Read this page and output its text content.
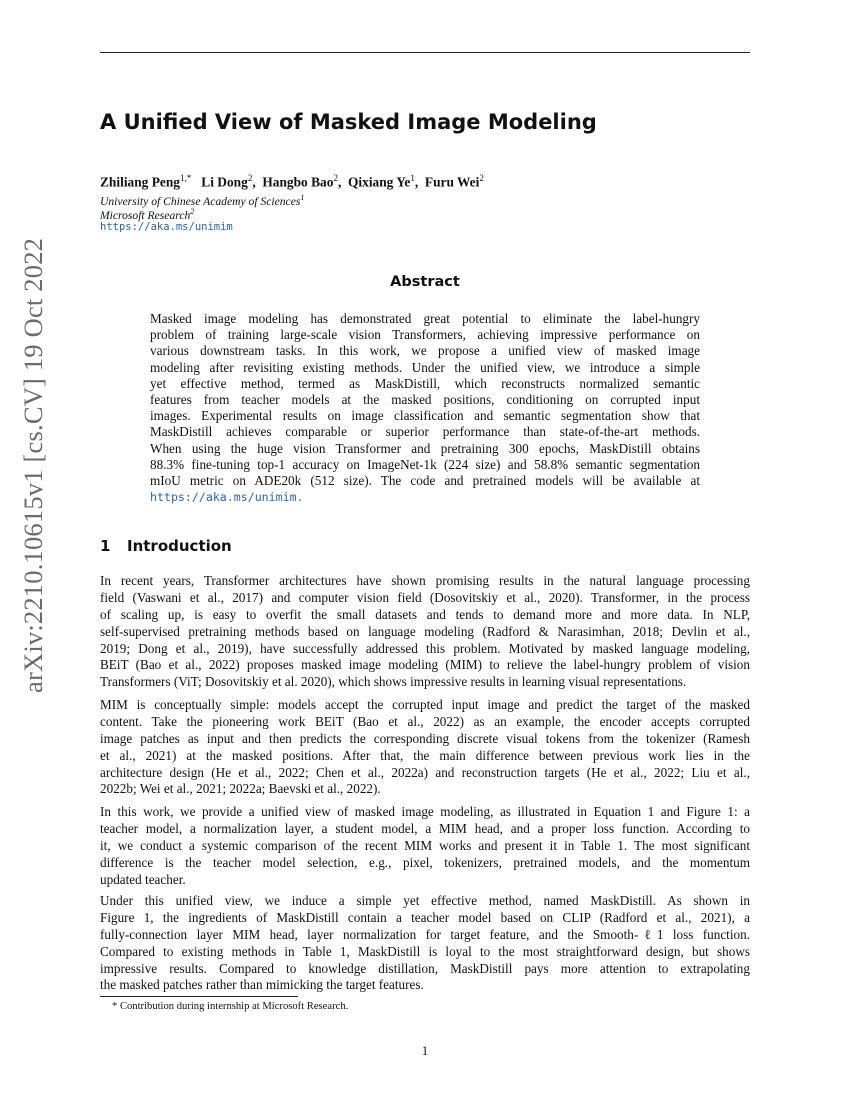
arXiv:2210.10615v1 [cs.CV] 19 Oct 2022
A Unified View of Masked Image Modeling
Zhiliang Peng$^{1,*}$ Li Dong$^2$,  Hangbo Bao$^2$,  Qixiang Ye$^1$,  Furu Wei$^2$
University of Chinese Academy of Sciences$^1$
Microsoft Research$^2$
https://aka.ms/unimim
Abstract
Masked image modeling has demonstrated great potential to eliminate the label-hungry
problem of training large-scale vision Transformers, achieving impressive performance on
various downstream tasks. In this work, we propose a unified view of masked image
modeling after revisiting existing methods. Under the unified view, we introduce a simple
yet effective method, termed as MaskDistill, which reconstructs normalized semantic
features from teacher models at the masked positions, conditioning on corrupted input
images. Experimental results on image classification and semantic segmentation show that
MaskDistill achieves comparable or superior performance than state-of-the-art methods.
When using the huge vision Transformer and pretraining 300 epochs, MaskDistill obtains
88.3% fine-tuning top-1 accuracy on ImageNet-1k (224 size) and 58.8% semantic segmentation
mIoU metric on ADE20k (512 size). The code and pretrained models will be available at
https://aka.ms/unimim.
1 Introduction
In recent years, Transformer architectures have shown promising results in the natural language processing
field (Vaswani et al., 2017) and computer vision field (Dosovitskiy et al., 2020). Transformer, in the process
of scaling up, is easy to overfit the small datasets and tends to demand more and more data. In NLP,
self-supervised pretraining methods based on language modeling (Radford & Narasimhan, 2018; Devlin et al.,
2019; Dong et al., 2019), have successfully addressed this problem. Motivated by masked language modeling,
BEiT (Bao et al., 2022) proposes masked image modeling (MIM) to relieve the label-hungry problem of vision
Transformers (ViT; Dosovitskiy et al. 2020), which shows impressive results in learning visual representations.
MIM is conceptually simple: models accept the corrupted input image and predict the target of the masked
content. Take the pioneering work BEiT (Bao et al., 2022) as an example, the encoder accepts corrupted
image patches as input and then predicts the corresponding discrete visual tokens from the tokenizer (Ramesh
et al., 2021) at the masked positions. After that, the main difference between previous work lies in the
architecture design (He et al., 2022; Chen et al., 2022a) and reconstruction targets (He et al., 2022; Liu et al.,
2022b; Wei et al., 2021; 2022a; Baevski et al., 2022).
In this work, we provide a unified view of masked image modeling, as illustrated in Equation 1 and Figure 1: a
teacher model, a normalization layer, a student model, a MIM head, and a proper loss function. According to
it, we conduct a systemic comparison of the recent MIM works and present it in Table 1. The most significant
difference is the teacher model selection, e.g., pixel, tokenizers, pretrained models, and the momentum
updated teacher.
Under this unified view, we induce a simple yet effective method, named MaskDistill. As shown in
Figure 1, the ingredients of MaskDistill contain a teacher model based on CLIP (Radford et al., 2021), a
fully-connection layer MIM head, layer normalization for target feature, and the Smooth-ℓ1 loss function.
Compared to existing methods in Table 1, MaskDistill is loyal to the most straightforward design, but shows
impressive results. Compared to knowledge distillation, MaskDistill pays more attention to extrapolating
the masked patches rather than mimicking the target features.
* Contribution during internship at Microsoft Research.
1
